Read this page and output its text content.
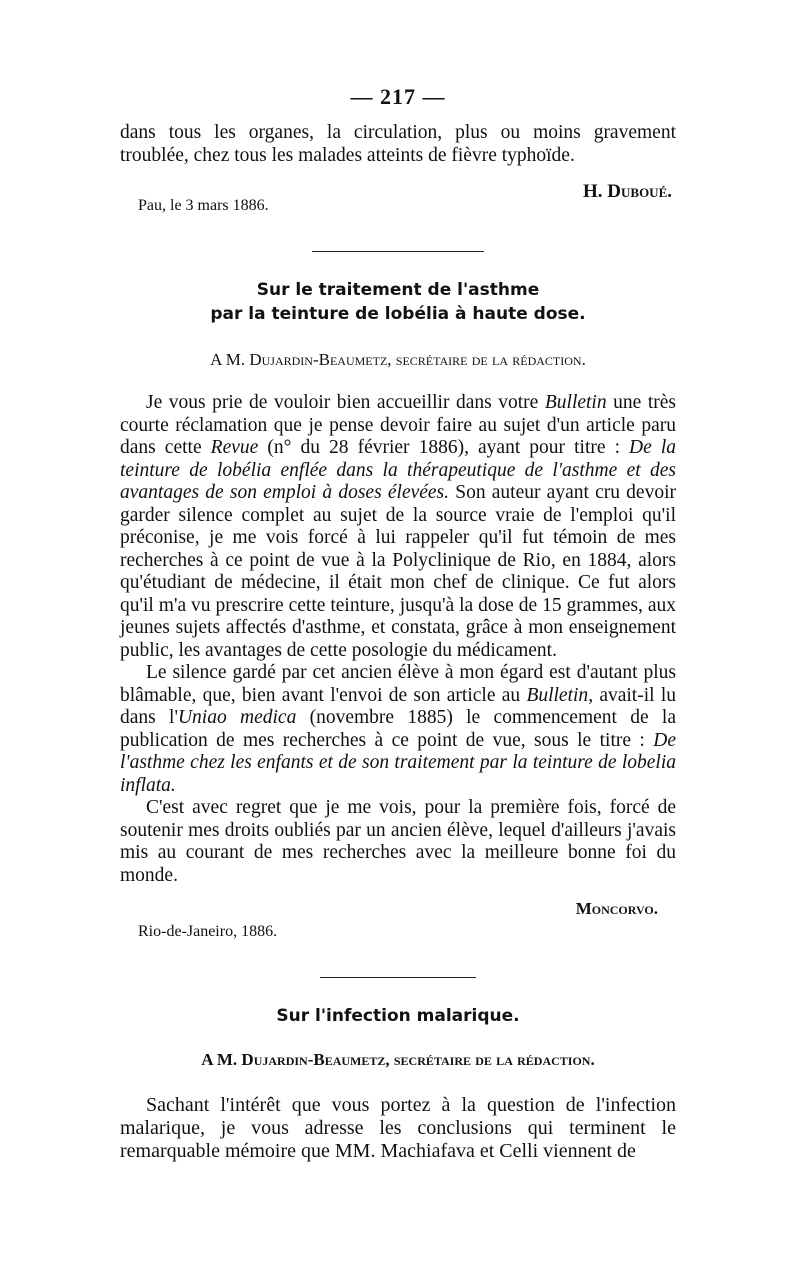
— 217 —

dans tous les organes, la circulation, plus ou moins gravement troublée, chez tous les malades atteints de fièvre typhoïde.

H. Duboué.
Pau, le 3 mars 1886.
Sur le traitement de l'asthme
par la teinture de lobélia à haute dose.
A M. Dujardin-Beaumetz, secrétaire de la rédaction.

Je vous prie de vouloir bien accueillir dans votre Bulletin une très courte réclamation que je pense devoir faire au sujet d'un article paru dans cette Revue (n° du 28 février 1886), ayant pour titre : De la teinture de lobélia enflée dans la thérapeutique de l'asthme et des avantages de son emploi à doses élevées. Son auteur ayant cru devoir garder silence complet au sujet de la source vraie de l'emploi qu'il préconise, je me vois forcé à lui rappeler qu'il fut témoin de mes recherches à ce point de vue à la Polyclinique de Rio, en 1884, alors qu'étudiant de médecine, il était mon chef de clinique. Ce fut alors qu'il m'a vu prescrire cette teinture, jusqu'à la dose de 15 grammes, aux jeunes sujets affectés d'asthme, et constata, grâce à mon enseignement public, les avantages de cette posologie du médicament.

Le silence gardé par cet ancien élève à mon égard est d'autant plus blâmable, que, bien avant l'envoi de son article au Bulletin, avait-il lu dans l'Uniao medica (novembre 1885) le commencement de la publication de mes recherches à ce point de vue, sous le titre : De l'asthme chez les enfants et de son traitement par la teinture de lobelia inflata.

C'est avec regret que je me vois, pour la première fois, forcé de soutenir mes droits oubliés par un ancien élève, lequel d'ailleurs j'avais mis au courant de mes recherches avec la meilleure bonne foi du monde.

Moncorvo.
Rio-de-Janeiro, 1886.
Sur l'infection malarique.
A M. Dujardin-Beaumetz, secrétaire de la rédaction.

Sachant l'intérêt que vous portez à la question de l'infection malarique, je vous adresse les conclusions qui terminent le remarquable mémoire que MM. Machiafava et Celli viennent de
